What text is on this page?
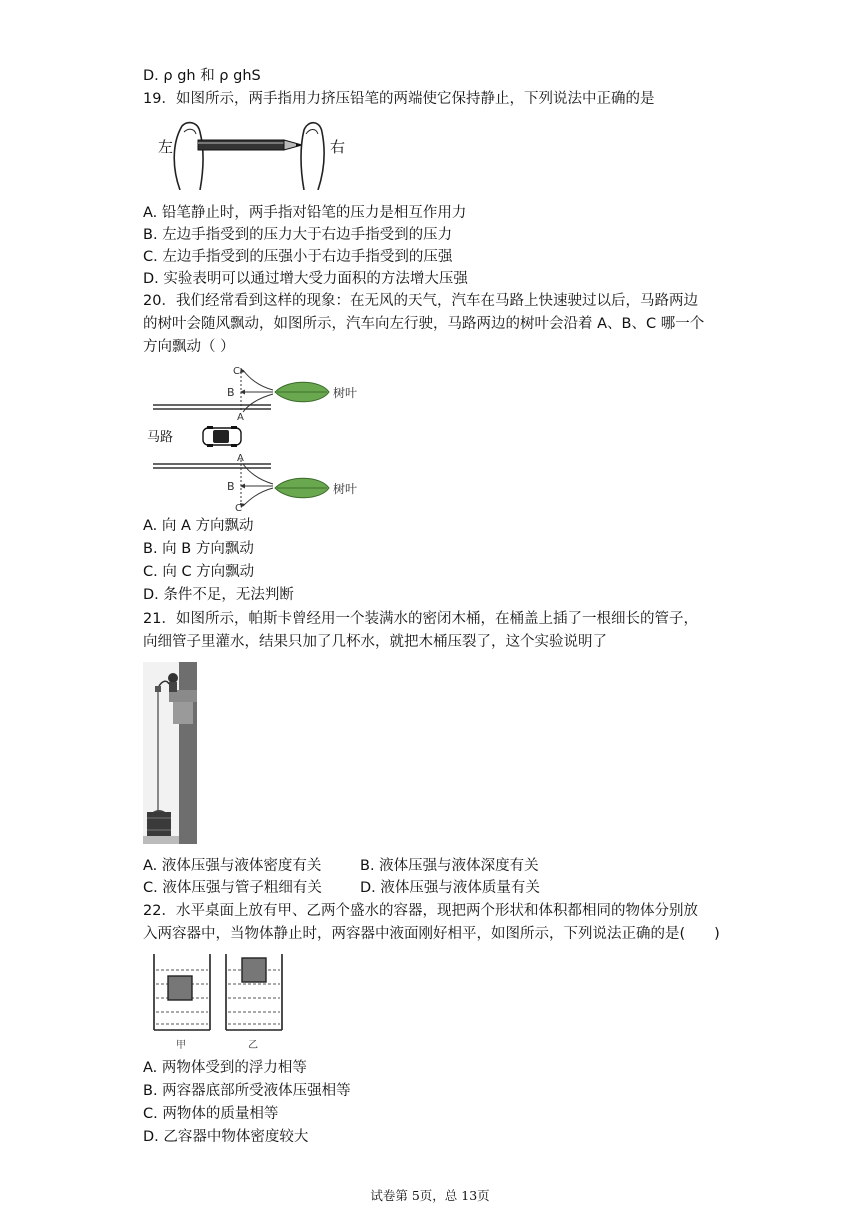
D. ρ gh 和 ρ ghS
19．如图所示，两手指用力挤压铅笔的两端使它保持静止，下列说法中正确的是
左	右
A. 铅笔静止时，两手指对铅笔的压力是相互作用力
B. 左边手指受到的压力大于右边手指受到的压力
C. 左边手指受到的压强小于右边手指受到的压强
D. 实验表明可以通过增大受力面积的方法增大压强
20．我们经常看到这样的现象：在无风的天气，汽车在马路上快速驶过以后，马路两边
的树叶会随风飘动，如图所示，汽车向左行驶，马路两边的树叶会沿着 A、B、C 哪一个
方向飘动（ ）
C
B
A
树叶
马路
A
B
C
树叶
A. 向 A 方向飘动
B. 向 B 方向飘动
C. 向 C 方向飘动
D. 条件不足，无法判断
21．如图所示，帕斯卡曾经用一个装满水的密闭木桶，在桶盖上插了一根细长的管子，
向细管子里灌水，结果只加了几杯水，就把木桶压裂了，这个实验说明了
A. 液体压强与液体密度有关	B. 液体压强与液体深度有关
C. 液体压强与管子粗细有关	D. 液体压强与液体质量有关
22．水平桌面上放有甲、乙两个盛水的容器，现把两个形状和体积都相同的物体分别放
入两容器中，当物体静止时，两容器中液面刚好相平，如图所示，下列说法正确的是(　　)
甲	乙
A. 两物体受到的浮力相等
B. 两容器底部所受液体压强相等
C. 两物体的质量相等
D. 乙容器中物体密度较大
试卷第 5页，总 13页
